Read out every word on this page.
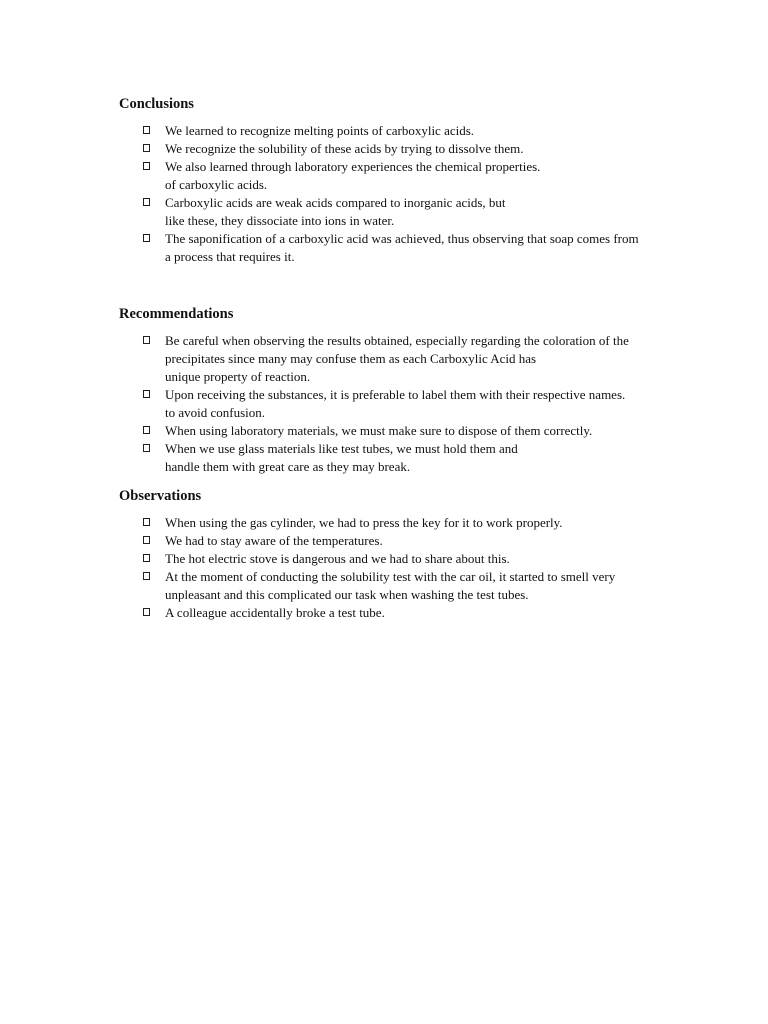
Conclusions
We learned to recognize melting points of carboxylic acids.
We recognize the solubility of these acids by trying to dissolve them.
We also learned through laboratory experiences the chemical properties.
of carboxylic acids.
Carboxylic acids are weak acids compared to inorganic acids, but
like these, they dissociate into ions in water.
The saponification of a carboxylic acid was achieved, thus observing that soap comes from
a process that requires it.
Recommendations
Be careful when observing the results obtained, especially regarding the coloration of the
precipitates since many may confuse them as each Carboxylic Acid has
unique property of reaction.
Upon receiving the substances, it is preferable to label them with their respective names.
to avoid confusion.
When using laboratory materials, we must make sure to dispose of them correctly.
When we use glass materials like test tubes, we must hold them and
handle them with great care as they may break.
Observations
When using the gas cylinder, we had to press the key for it to work properly.
We had to stay aware of the temperatures.
The hot electric stove is dangerous and we had to share about this.
At the moment of conducting the solubility test with the car oil, it started to smell very
unpleasant and this complicated our task when washing the test tubes.
A colleague accidentally broke a test tube.
